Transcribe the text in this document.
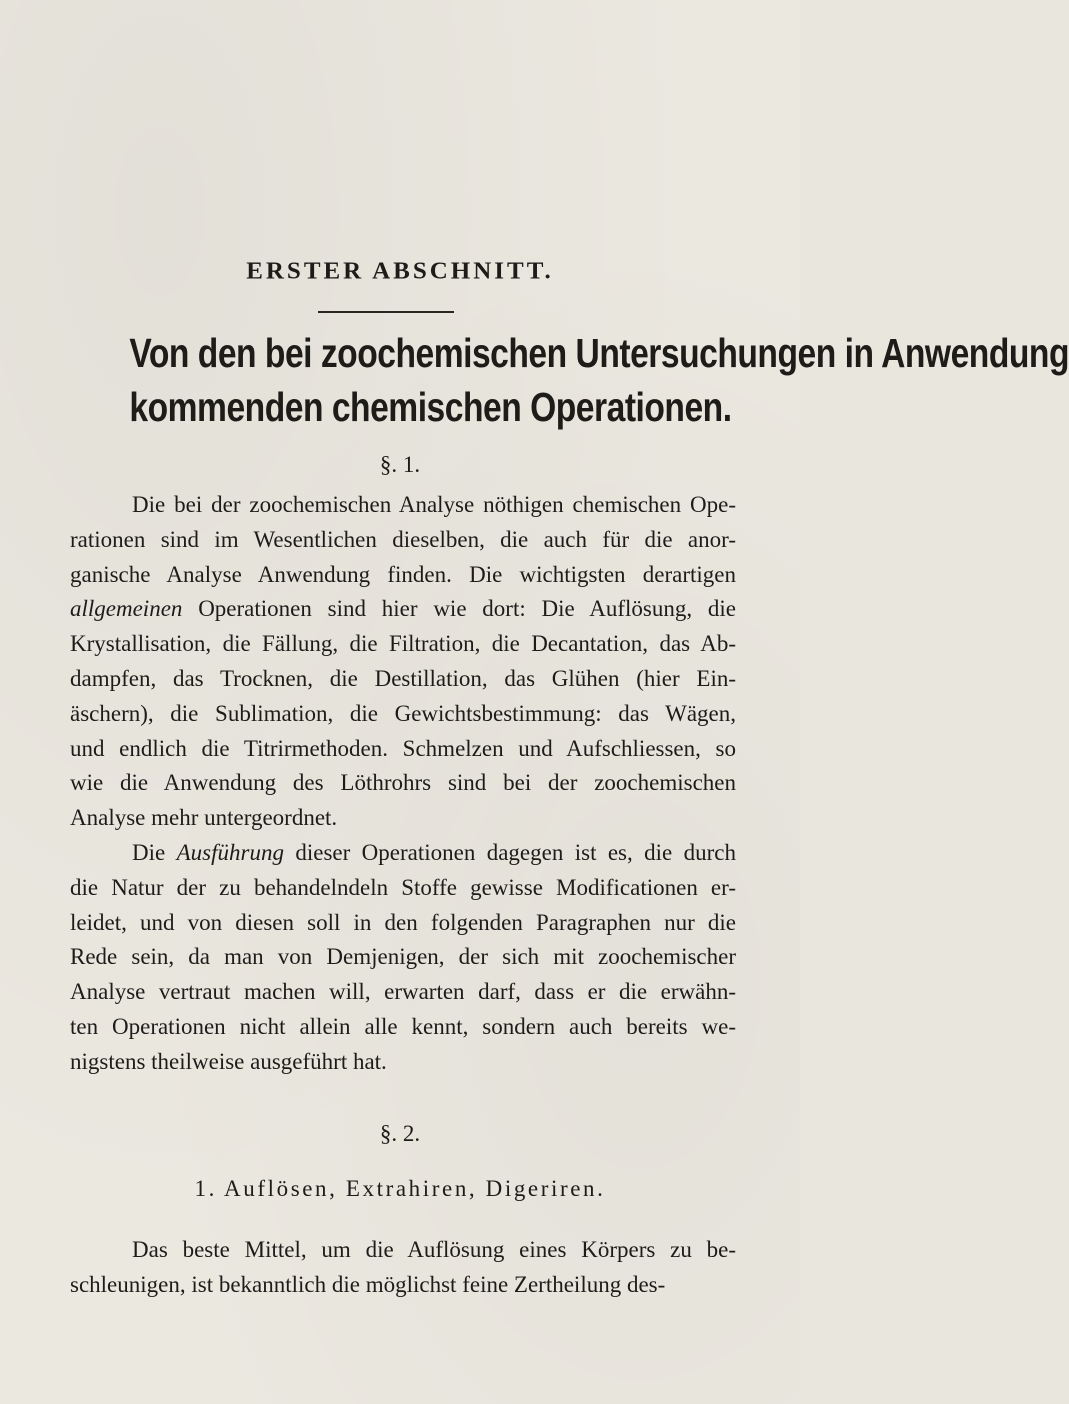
ERSTER ABSCHNITT.
Von den bei zoochemischen Untersuchungen in Anwendung
kommenden chemischen Operationen.
§. 1.
Die bei der zoochemischen Analyse nöthigen chemischen Ope-
rationen sind im Wesentlichen dieselben, die auch für die anor-
ganische Analyse Anwendung finden. Die wichtigsten derartigen
allgemeinen Operationen sind hier wie dort: Die Auflösung, die
Krystallisation, die Fällung, die Filtration, die Decantation, das Ab-
dampfen, das Trocknen, die Destillation, das Glühen (hier Ein-
äschern), die Sublimation, die Gewichtsbestimmung: das Wägen,
und endlich die Titrirmethoden. Schmelzen und Aufschliessen, so
wie die Anwendung des Löthrohrs sind bei der zoochemischen
Analyse mehr untergeordnet.
Die Ausführung dieser Operationen dagegen ist es, die durch
die Natur der zu behandelndeln Stoffe gewisse Modificationen er-
leidet, und von diesen soll in den folgenden Paragraphen nur die
Rede sein, da man von Demjenigen, der sich mit zoochemischer
Analyse vertraut machen will, erwarten darf, dass er die erwähn-
ten Operationen nicht allein alle kennt, sondern auch bereits we-
nigstens theilweise ausgeführt hat.
§. 2.
1. Auflösen, Extrahiren, Digeriren.
Das beste Mittel, um die Auflösung eines Körpers zu be-
schleunigen, ist bekanntlich die möglichst feine Zertheilung des-
